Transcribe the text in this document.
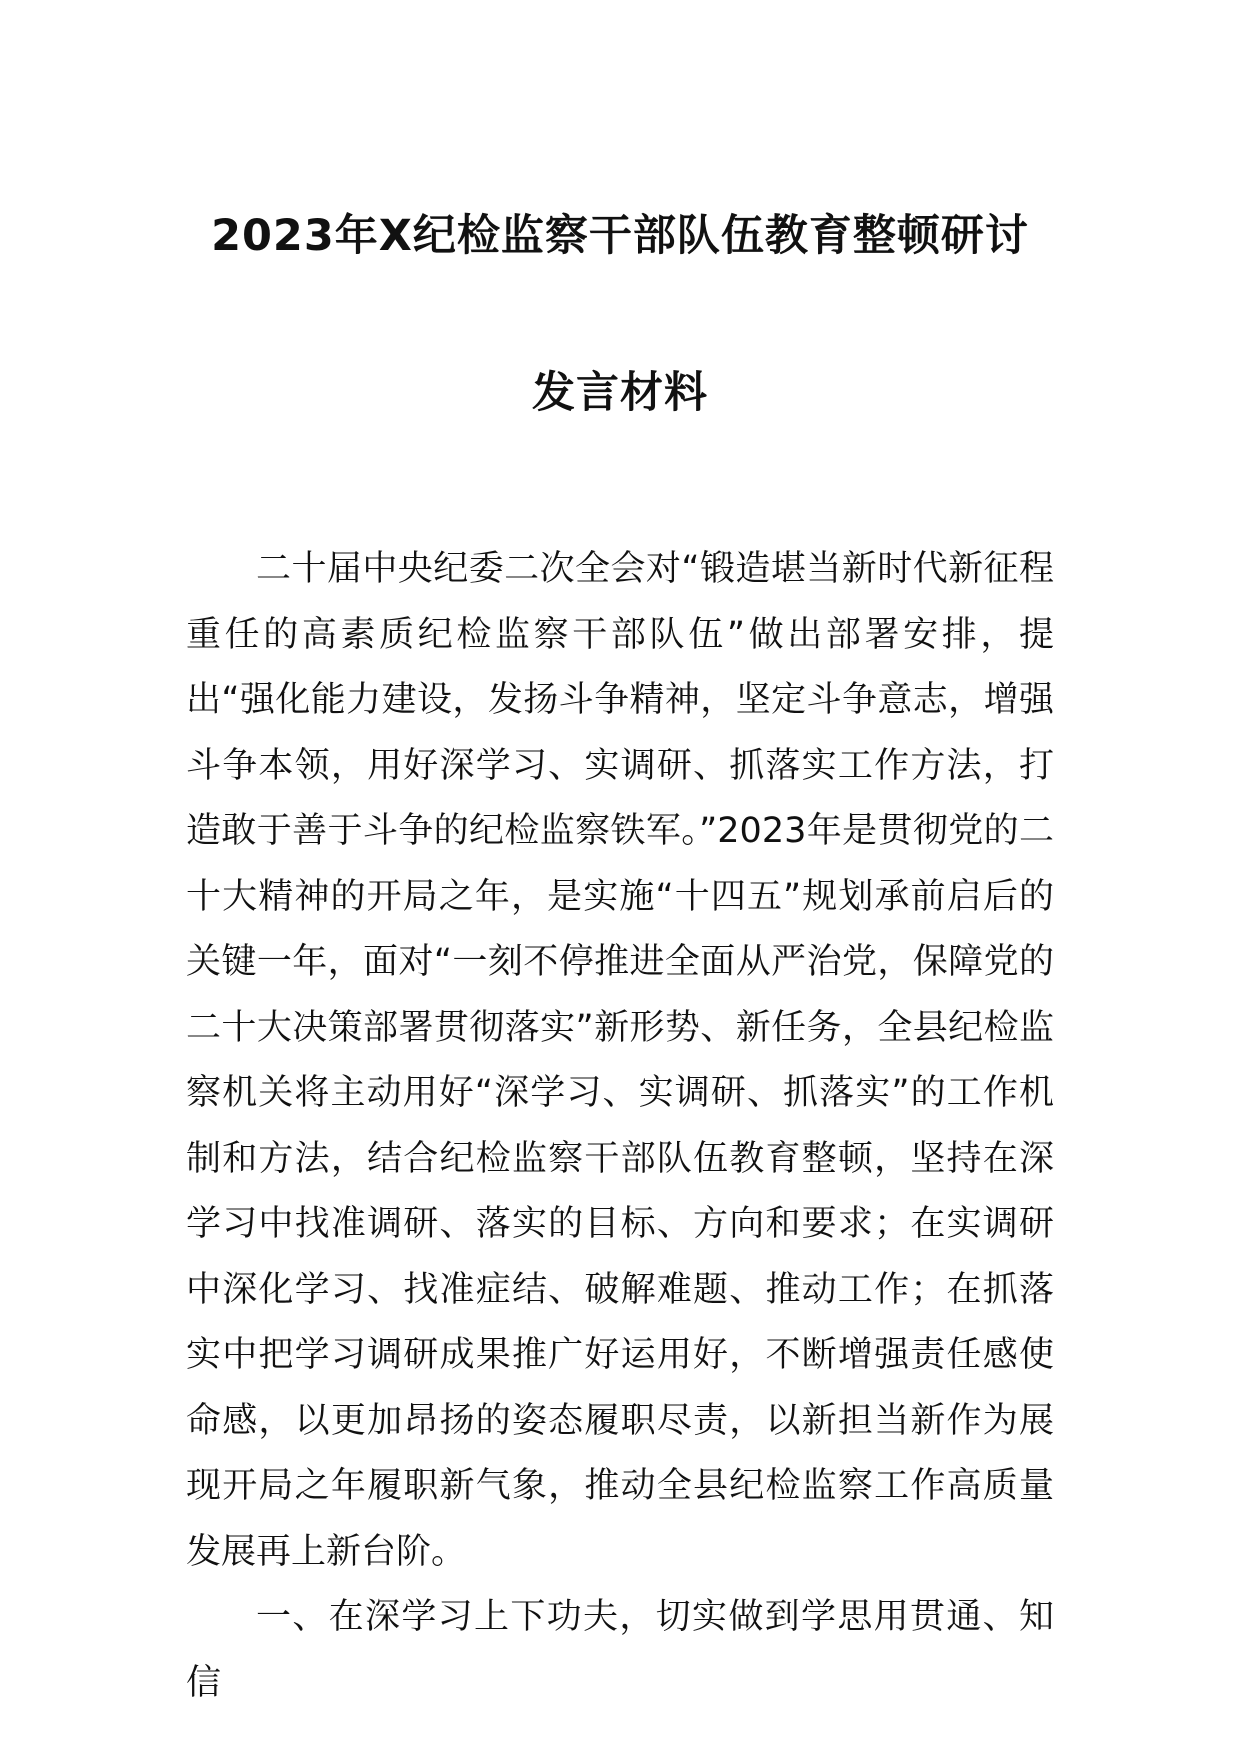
2023年X纪检监察干部队伍教育整顿研讨
发言材料

二十届中央纪委二次全会对“锻造堪当新时代新征程重任的高素质纪检监察干部队伍”做出部署安排，提出“强化能力建设，发扬斗争精神，坚定斗争意志，增强斗争本领，用好深学习、实调研、抓落实工作方法，打造敢于善于斗争的纪检监察铁军。”2023年是贯彻党的二十大精神的开局之年，是实施“十四五”规划承前启后的关键一年，面对“一刻不停推进全面从严治党，保障党的二十大决策部署贯彻落实”新形势、新任务，全县纪检监察机关将主动用好“深学习、实调研、抓落实”的工作机制和方法，结合纪检监察干部队伍教育整顿，坚持在深学习中找准调研、落实的目标、方向和要求；在实调研中深化学习、找准症结、破解难题、推动工作；在抓落实中把学习调研成果推广好运用好，不断增强责任感使命感，以更加昂扬的姿态履职尽责，以新担当新作为展现开局之年履职新气象，推动全县纪检监察工作高质量发展再上新台阶。

一、在深学习上下功夫，切实做到学思用贯通、知信
